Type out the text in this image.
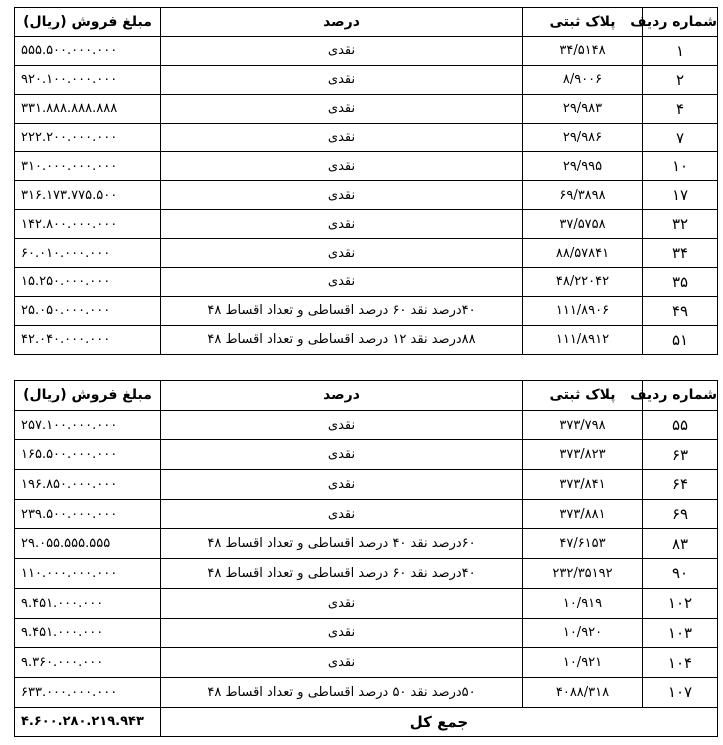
شماره ردیف	پلاک ثبتی	درصد	مبلغ فروش (ریال)
۱	۳۴/۵۱۴۸	نقدی	۵۵۵.۵۰۰.۰۰۰.۰۰۰
۲	۸/۹۰۰۶	نقدی	۹۲۰.۱۰۰.۰۰۰.۰۰۰
۴	۲۹/۹۸۳	نقدی	۳۳۱.۸۸۸.۸۸۸.۸۸۸
۷	۲۹/۹۸۶	نقدی	۲۲۲.۲۰۰.۰۰۰.۰۰۰
۱۰	۲۹/۹۹۵	نقدی	۳۱۰.۰۰۰.۰۰۰.۰۰۰
۱۷	۶۹/۳۸۹۸	نقدی	۳۱۶.۱۷۳.۷۷۵.۵۰۰
۳۲	۳۷/۵۷۵۸	نقدی	۱۴۲.۸۰۰.۰۰۰.۰۰۰
۳۴	۸۸/۵۷۸۴۱	نقدی	۶۰.۰۱۰.۰۰۰.۰۰۰
۳۵	۴۸/۲۲۰۴۲	نقدی	۱۵.۲۵۰.۰۰۰.۰۰۰
۴۹	۱۱۱/۸۹۰۶	۴۰درصد نقد ۶۰ درصد اقساطی و تعداد اقساط ۴۸	۲۵.۰۵۰.۰۰۰.۰۰۰
۵۱	۱۱۱/۸۹۱۲	۸۸درصد نقد ۱۲ درصد اقساطی و تعداد اقساط ۴۸	۴۲.۰۴۰.۰۰۰.۰۰۰
شماره ردیف	پلاک ثبتی	درصد	مبلغ فروش (ريال)
۵۵	۳۷۳/۷۹۸	نقدی	۲۵۷.۱۰۰.۰۰۰.۰۰۰
۶۳	۳۷۳/۸۲۳	نقدی	۱۶۵.۵۰۰.۰۰۰.۰۰۰
۶۴	۳۷۳/۸۴۱	نقدی	۱۹۶.۸۵۰.۰۰۰.۰۰۰
۶۹	۳۷۳/۸۸۱	نقدی	۲۳۹.۵۰۰.۰۰۰.۰۰۰
۸۳	۴۷/۶۱۵۳	۶۰درصد نقد ۴۰ درصد اقساطی و تعداد اقساط ۴۸	۲۹.۰۵۵.۵۵۵.۵۵۵
۹۰	۲۳۲/۳۵۱۹۲	۴۰درصد نقد ۶۰ درصد اقساطی و تعداد اقساط ۴۸	۱۱۰.۰۰۰.۰۰۰.۰۰۰
۱۰۲	۱۰/۹۱۹	نقدی	۹.۴۵۱.۰۰۰.۰۰۰
۱۰۳	۱۰/۹۲۰	نقدی	۹.۴۵۱.۰۰۰.۰۰۰
۱۰۴	۱۰/۹۲۱	نقدی	۹.۳۶۰.۰۰۰.۰۰۰
۱۰۷	۴۰۸۸/۳۱۸	۵۰درصد نقد ۵۰ درصد اقساطی و تعداد اقساط ۴۸	۶۳۳.۰۰۰.۰۰۰.۰۰۰
جمع کل			۴.۶۰۰.۲۸۰.۲۱۹.۹۴۳
